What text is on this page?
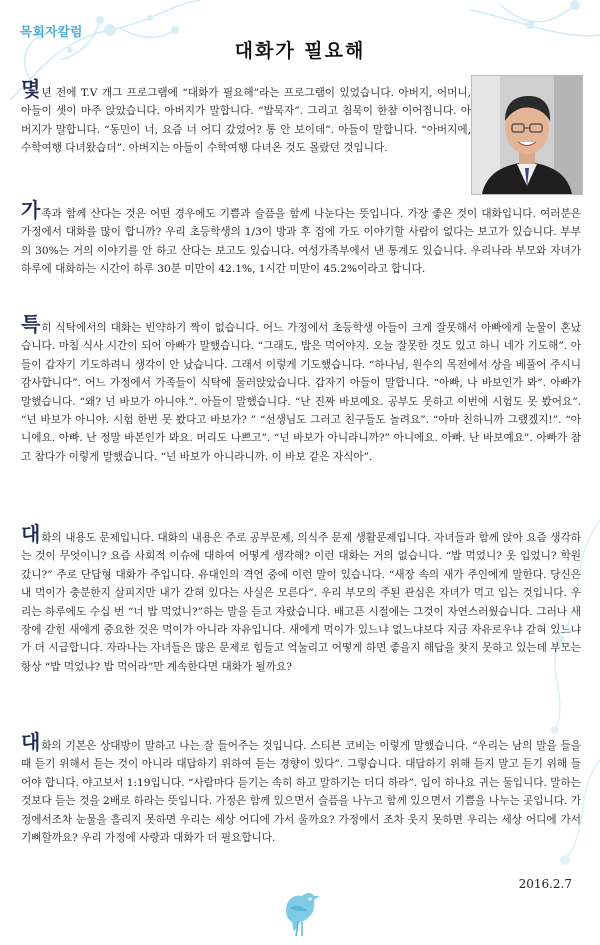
목회자칼럼
대화가 필요해
몇년 전에 T.V 개그 프로그램에 “대화가 필요해”라는 프로그램이 있었습니다. 아버지, 어머니, 아들이 셋이 마주 앉았습니다. 아버지가 말합니다. “밥묵자”. 그리고 침묵이 한참 이어집니다. 아버지가 말합니다. “동민이 너, 요즘 너 어디 갔었어? 통 안 보이데”. 아들이 말합니다. “아버지에, 수학여행 다녀왔습더”. 아버지는 아들이 수학여행 다녀온 것도 몰랐던 것입니다.
가족과 함께 산다는 것은 어떤 경우에도 기쁨과 슬픔을 함께 나눈다는 뜻입니다. 가장 좋은 것이 대화입니다. 여러분은 가정에서 대화를 많이 합니까? 우리 초등학생의 1/3이 방과 후 집에 가도 이야기할 사람이 없다는 보고가 있습니다. 부부의 30%는 거의 이야기를 안 하고 산다는 보고도 있습니다. 여성가족부에서 낸 통계도 있습니다. 우리나라 부모와 자녀가 하루에 대화하는 시간이 하루 30분 미만이 42.1%, 1시간 미만이 45.2%이라고 합니다.
특히 식탁에서의 대화는 빈약하기 짝이 없습니다. 어느 가정에서 초등학생 아들이 크게 잘못해서 아빠에게 눈물이 혼났습니다. 마침 식사 시간이 되어 아빠가 말했습니다. “그래도, 밥은 먹어야지. 오늘 잘못한 것도 있고 하니 네가 기도해”. 아들이 갑자기 기도하려니 생각이 안 났습니다. 그래서 이렇게 기도했습니다. “하나님, 원수의 목전에서 상을 베풀어 주시니 감사합니다”. 어느 가정에서 가족들이 식탁에 둘러앉았습니다. 갑자기 아들이 말합니다. “아빠, 나 바보인가 봐”. 아빠가 말했습니다. “왜? 넌 바보가 아니야.”. 아들이 말했습니다. “난 진짜 바보예요. 공부도 못하고 이번에 시험도 못 봤어요”. “넌 바보가 아니야. 시험 한번 못 봤다고 바보가? ” “선생님도 그러고 친구들도 놀려요”. “아마 친하니까 그랬겠지!”. “아니에요. 아빠. 난 정말 바본인가 봐요. 머리도 나쁘고”. “넌 바보가 아니라니까?” 아니에요. 아빠. 난 바보예요”. 아빠가 참고 참다가 이렇게 말했습니다. “넌 바보가 아니라니까. 이 바보 같은 자식아”.
대화의 내용도 문제입니다. 대화의 내용은 주로 공부문제, 의식주 문제 생활문제입니다. 자녀들과 함께 앉아 요즘 생각하는 것이 무엇이니? 요즘 사회적 이슈에 대하여 어떻게 생각해? 이런 대화는 거의 없습니다. “밥 먹었니? 옷 입었니? 학원 갔니?” 주로 단답형 대화가 주입니다. 유대인의 격언 중에 이런 말이 있습니다. “새장 속의 새가 주인에게 말한다. 당신은 내 먹이가 충분한지 살피지만 내가 갇혀 있다는 사실은 모른다”. 우리 부모의 주된 관심은 자녀가 먹고 입는 것입니다. 우리는 하루에도 수십 번 “너 밥 먹었니?”하는 말을 듣고 자랐습니다. 배고픈 시절에는 그것이 자연스러웠습니다. 그러나 새장에 갇힌 새에게 중요한 것은 먹이가 아니라 자유입니다. 새에게 먹이가 있느냐 없느냐보다 지금 자유로우냐 갇혀 있느냐가 더 시급합니다. 자라나는 자녀들은 많은 문제로 힘들고 억눌리고 어떻게 하면 좋을지 해답을 찾지 못하고 있는데 부모는 항상 “밥 먹었냐? 밥 먹어라”만 계속한다면 대화가 될까요?
대화의 기본은 상대방이 말하고 나는 잘 들어주는 것입니다. 스티븐 코비는 이렇게 말했습니다. “우리는 남의 말을 들을 때 듣기 위해서 듣는 것이 아니라 대답하기 위하여 듣는 경향이 있다”. 그렇습니다. 대답하기 위해 듣지 말고 듣기 위해 들어야 합니다. 야고보서 1:19입니다. “사람마다 듣기는 속히 하고 말하기는 더디 하라”. 입이 하나요 귀는 둘입니다. 말하는 것보다 듣는 것을 2배로 하라는 뜻입니다. 가정은 함께 있으면서 슬픔을 나누고 함께 있으면서 기쁨을 나누는 곳입니다. 가정에서조차 눈물을 흘리지 못하면 우리는 세상 어디에 가서 울까요? 가정에서 조차 웃지 못하면 우리는 세상 어디에 가서 기뻐할까요? 우리 가정에 사랑과 대화가 더 필요합니다.
2016.2.7
